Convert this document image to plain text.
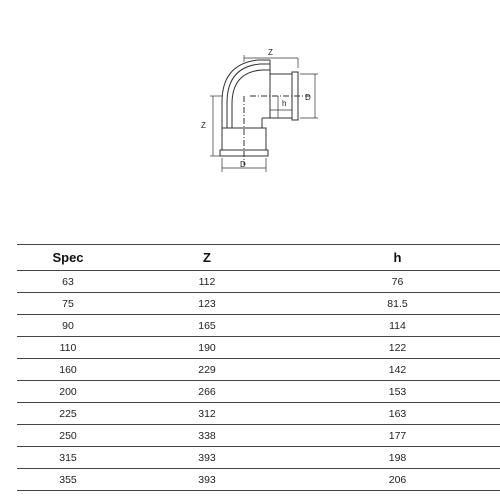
Z
Z
D
D
h
Spec	Z	h
63	112	76
75	123	81.5
90	165	114
110	190	122
160	229	142
200	266	153
225	312	163
250	338	177
315	393	198
355	393	206
